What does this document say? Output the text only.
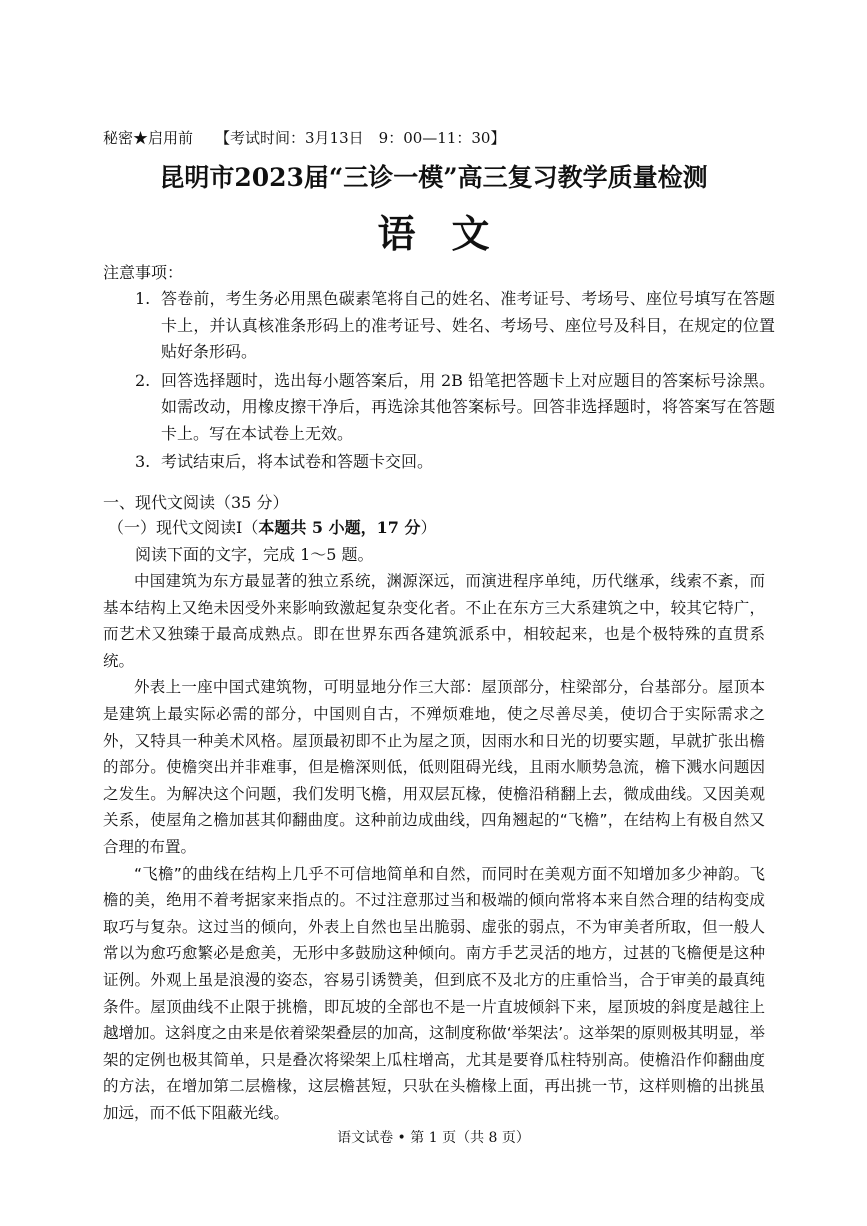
秘密★启用前 【考试时间：3月13日　9：00—11：30】
昆明市2023届“三诊一模”高三复习教学质量检测
语文
注意事项：
1. 答卷前，考生务必用黑色碳素笔将自己的姓名、准考证号、考场号、座位号填写在答题卡上，并认真核准条形码上的准考证号、姓名、考场号、座位号及科目，在规定的位置贴好条形码。
2. 回答选择题时，选出每小题答案后，用 2B 铅笔把答题卡上对应题目的答案标号涂黑。如需改动，用橡皮擦干净后，再选涂其他答案标号。回答非选择题时，将答案写在答题卡上。写在本试卷上无效。
3. 考试结束后，将本试卷和答题卡交回。
一、现代文阅读（35 分）
（一）现代文阅读Ⅰ（本题共 5 小题，17 分）
阅读下面的文字，完成 1～5 题。

中国建筑为东方最显著的独立系统，渊源深远，而演进程序单纯，历代继承，线索不紊，而基本结构上又绝未因受外来影响致激起复杂变化者。不止在东方三大系建筑之中，较其它特广，而艺术又独臻于最高成熟点。即在世界东西各建筑派系中，相较起来，也是个极特殊的直贯系统。

外表上一座中国式建筑物，可明显地分作三大部：屋顶部分，柱梁部分，台基部分。屋顶本是建筑上最实际必需的部分，中国则自古，不殚烦难地，使之尽善尽美，使切合于实际需求之外，又特具一种美术风格。屋顶最初即不止为屋之顶，因雨水和日光的切要实题，早就扩张出檐的部分。使檐突出并非难事，但是檐深则低，低则阻碍光线，且雨水顺势急流，檐下溅水问题因之发生。为解决这个问题，我们发明飞檐，用双层瓦椽，使檐沿稍翻上去，微成曲线。又因美观关系，使屋角之檐加甚其仰翻曲度。这种前边成曲线，四角翘起的“飞檐”，在结构上有极自然又合理的布置。

“飞檐”的曲线在结构上几乎不可信地简单和自然，而同时在美观方面不知增加多少神韵。飞檐的美，绝用不着考据家来指点的。不过注意那过当和极端的倾向常将本来自然合理的结构变成取巧与复杂。这过当的倾向，外表上自然也呈出脆弱、虚张的弱点，不为审美者所取，但一般人常以为愈巧愈繁必是愈美，无形中多鼓励这种倾向。南方手艺灵活的地方，过甚的飞檐便是这种证例。外观上虽是浪漫的姿态，容易引诱赞美，但到底不及北方的庄重恰当，合于审美的最真纯条件。屋顶曲线不止限于挑檐，即瓦坡的全部也不是一片直坡倾斜下来，屋顶坡的斜度是越往上越增加。这斜度之由来是依着梁架叠层的加高，这制度称做‘举架法’。这举架的原则极其明显，举架的定例也极其简单，只是叠次将梁架上瓜柱增高，尤其是要脊瓜柱特别高。使檐沿作仰翻曲度的方法，在增加第二层檐椽，这层檐甚短，只驮在头檐椽上面，再出挑一节，这样则檐的出挑虽加远，而不低下阻蔽光线。

语文试卷 • 第 1 页（共 8 页）
